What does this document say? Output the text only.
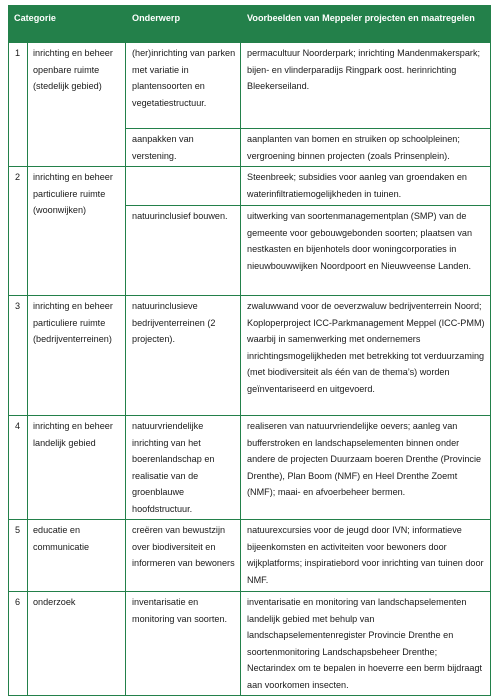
Categorie		Onderwerp	Voorbeelden van Meppeler projecten en maatregelen
1	inrichting en beheer openbare ruimte (stedelijk gebied)	(her)inrichting van parken met variatie in plantensoorten en vegetatiestructuur.	permacultuur Noorderpark; inrichting Mandenmakerspark; bijen- en vlinderparadijs Ringpark oost. herinrichting Bleekerseiland.
		aanpakken van verstening.	aanplanten van bomen en struiken op schoolpleinen; vergroening binnen projecten (zoals Prinsenplein).
2	inrichting en beheer particuliere ruimte (woonwijken)		Steenbreek; subsidies voor aanleg van groendaken en waterinfiltratiemogelijkheden in tuinen.
		natuurinclusief bouwen.	uitwerking van soortenmanagementplan (SMP) van de gemeente voor gebouwgebonden soorten; plaatsen van nestkasten en bijenhotels door woningcorporaties in nieuwbouwwijken Noordpoort en Nieuwveense Landen.
3	inrichting en beheer particuliere ruimte (bedrijventerreinen)	natuurinclusieve bedrijventerreinen (2 projecten).	zwaluwwand voor de oeverzwaluw bedrijventerrein Noord; Koploperproject ICC-Parkmanagement Meppel (ICC-PMM) waarbij in samenwerking met ondernemers inrichtingsmogelijkheden met betrekking tot verduurzaming (met biodiversiteit als één van de thema’s) worden geïnventariseerd en uitgevoerd.
4	inrichting en beheer landelijk gebied	natuurvriendelijke inrichting van het boerenlandschap en realisatie van de groenblauwe hoofdstructuur.	realiseren van natuurvriendelijke oevers; aanleg van bufferstroken en landschapselementen binnen onder andere de projecten Duurzaam boeren Drenthe (Provincie Drenthe), Plan Boom (NMF) en Heel Drenthe Zoemt (NMF); maai- en afvoerbeheer bermen.
5	educatie en communicatie	creëren van bewustzijn over biodiversiteit en informeren van bewoners	natuurexcursies voor de jeugd door IVN; informatieve bijeenkomsten en activiteiten voor bewoners door wijkplatforms; inspiratiebord voor inrichting van tuinen door NMF.
6	onderzoek	inventarisatie en monitoring van soorten.	inventarisatie en monitoring van landschapselementen landelijk gebied met behulp van landschapselementenregister Provincie Drenthe en soortenmonitoring Landschapsbeheer Drenthe; Nectarindex om te bepalen in hoeverre een berm bijdraagt aan voorkomen insecten.
